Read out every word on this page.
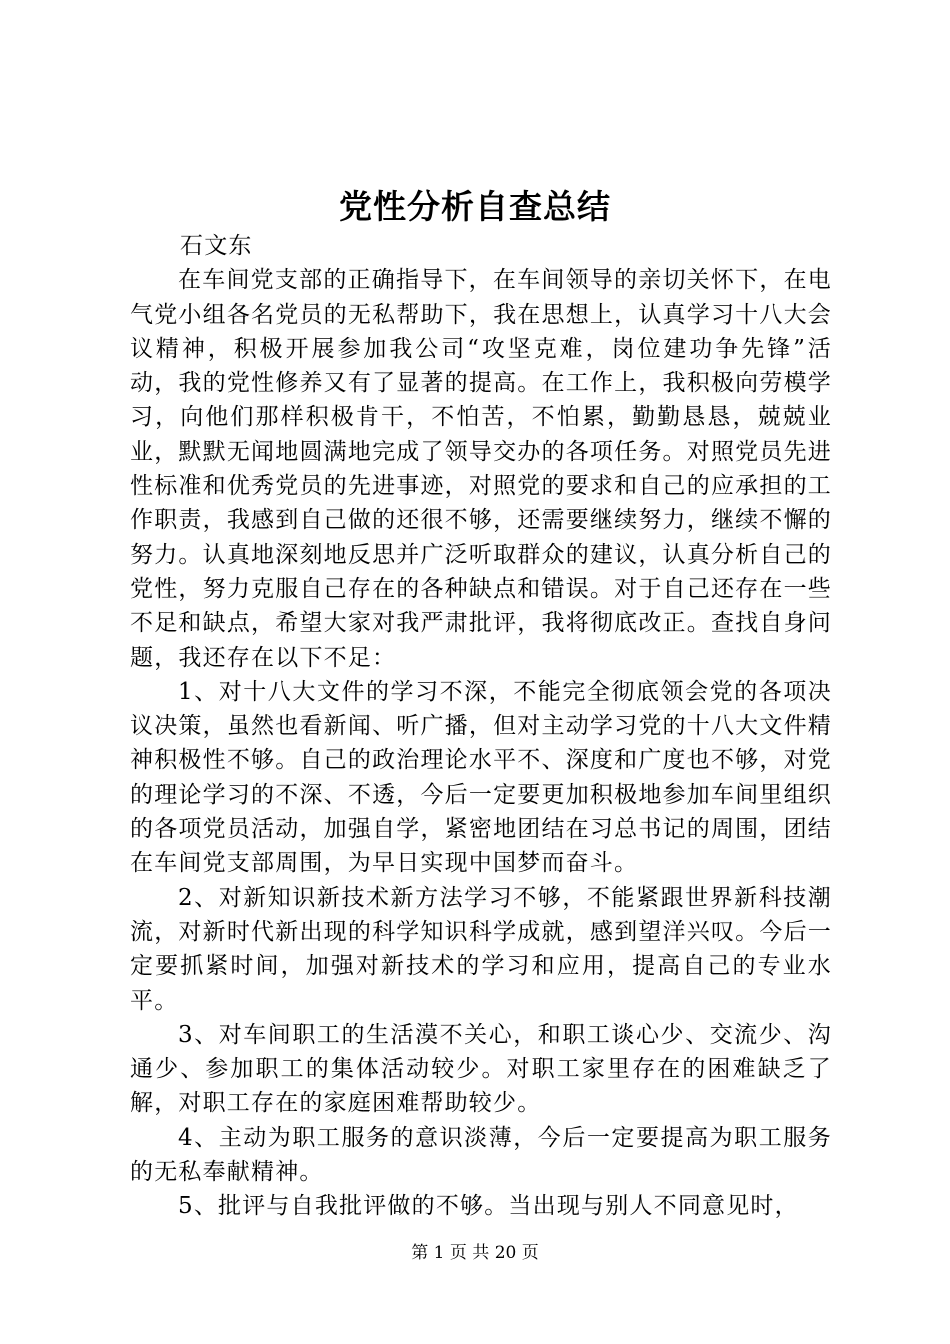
党性分析自查总结

石文东

在车间党支部的正确指导下，在车间领导的亲切关怀下，在电气党小组各名党员的无私帮助下，我在思想上，认真学习十八大会议精神，积极开展参加我公司“攻坚克难，岗位建功争先锋”活动，我的党性修养又有了显著的提高。在工作上，我积极向劳模学习，向他们那样积极肯干，不怕苦，不怕累，勤勤恳恳，兢兢业业，默默无闻地圆满地完成了领导交办的各项任务。对照党员先进性标准和优秀党员的先进事迹，对照党的要求和自己的应承担的工作职责，我感到自己做的还很不够，还需要继续努力，继续不懈的努力。认真地深刻地反思并广泛听取群众的建议，认真分析自己的党性，努力克服自己存在的各种缺点和错误。对于自己还存在一些不足和缺点，希望大家对我严肃批评，我将彻底改正。查找自身问题，我还存在以下不足：

1、对十八大文件的学习不深，不能完全彻底领会党的各项决议决策，虽然也看新闻、听广播，但对主动学习党的十八大文件精神积极性不够。自己的政治理论水平不、深度和广度也不够，对党的理论学习的不深、不透，今后一定要更加积极地参加车间里组织的各项党员活动，加强自学，紧密地团结在习总书记的周围，团结在车间党支部周围，为早日实现中国梦而奋斗。

2、对新知识新技术新方法学习不够，不能紧跟世界新科技潮流，对新时代新出现的科学知识科学成就，感到望洋兴叹。今后一定要抓紧时间，加强对新技术的学习和应用，提高自己的专业水平。

3、对车间职工的生活漠不关心，和职工谈心少、交流少、沟通少、参加职工的集体活动较少。对职工家里存在的困难缺乏了解，对职工存在的家庭困难帮助较少。

4、主动为职工服务的意识淡薄，今后一定要提高为职工服务的无私奉献精神。

5、批评与自我批评做的不够。当出现与别人不同意见时，

第 1 页 共 20 页
